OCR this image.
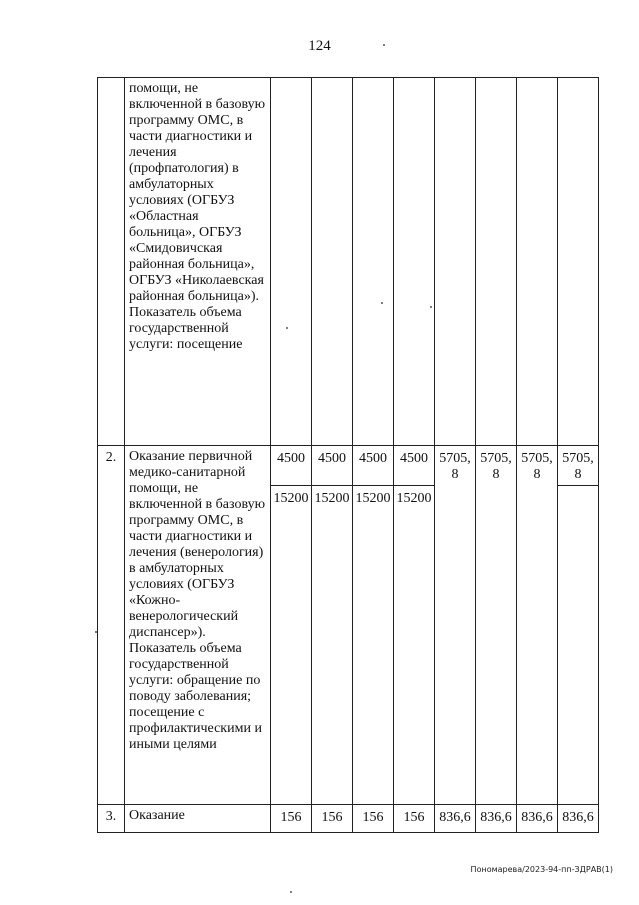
124
	помощи, не включенной в базовую программу ОМС, в части диагностики и лечения (профпатология) в амбулаторных условиях (ОГБУЗ «Областная больница», ОГБУЗ «Смидовичская районная больница», ОГБУЗ «Николаевская районная больница»). Показатель объема государственной услуги: посещение								
2.	Оказание первичной медико-санитарной помощи, не включенной в базовую программу ОМС, в части диагностики и лечения (венерология) в амбулаторных условиях (ОГБУЗ «Кожно-венерологический диспансер»). Показатель объема государственной услуги: обращение по поводу заболевания; посещение с профилактическими и иными целями	4500	4500	4500	4500	5705,8	5705,8	5705,8	5705,8
		15200	15200	15200	15200				
3.	Оказание	156	156	156	156	836,6	836,6	836,6	836,6
Пономарева/2023-94-пп-ЗДРАВ(1)
